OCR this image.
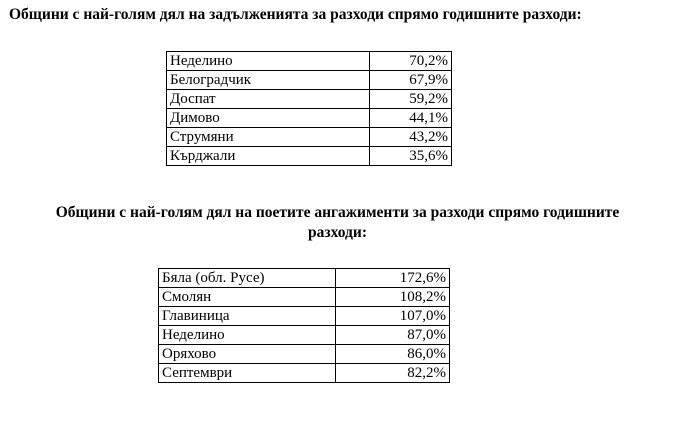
Общини с най-голям дял на задълженията за разходи спрямо годишните разходи:
Неделино	70,2%
Белоградчик	67,9%
Доспат	59,2%
Димово	44,1%
Струмяни	43,2%
Кърджали	35,6%
Общини с най-голям дял на поетите ангажименти за разходи спрямо годишните
разходи:
Бяла (обл. Русе)	172,6%
Смолян	108,2%
Главиница	107,0%
Неделино	87,0%
Оряхово	86,0%
Септември	82,2%
